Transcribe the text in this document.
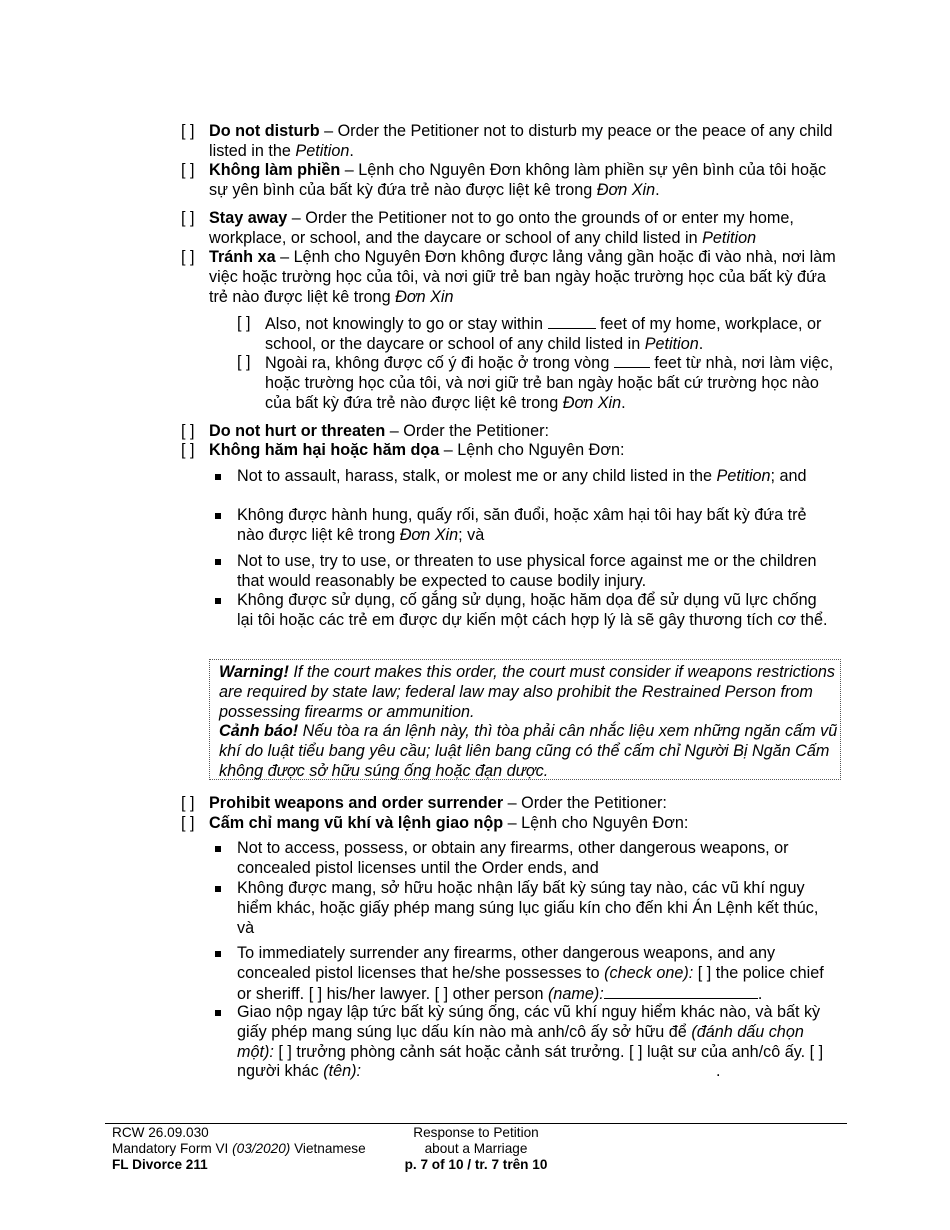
[ ] Do not disturb – Order the Petitioner not to disturb my peace or the peace of any child listed in the Petition.
[ ] Không làm phiền – Lệnh cho Nguyên Đơn không làm phiền sự yên bình của tôi hoặc sự yên bình của bất kỳ đứa trẻ nào được liệt kê trong Đơn Xin.
[ ] Stay away – Order the Petitioner not to go onto the grounds of or enter my home, workplace, or school, and the daycare or school of any child listed in Petition
[ ] Tránh xa – Lệnh cho Nguyên Đơn không được lảng vảng gần hoặc đi vào nhà, nơi làm việc hoặc trường học của tôi, và nơi giữ trẻ ban ngày hoặc trường học của bất kỳ đứa trẻ nào được liệt kê trong Đơn Xin
[ ] Also, not knowingly to go or stay within	feet of my home, workplace, or school, or the daycare or school of any child listed in Petition.
[ ] Ngoài ra, không được cố ý đi hoặc ở trong vòng  feet từ nhà, nơi làm việc, hoặc trường học của tôi, và nơi giữ trẻ ban ngày hoặc bất cứ trường học nào của bất kỳ đứa trẻ nào được liệt kê trong Đơn Xin.
[ ] Do not hurt or threaten – Order the Petitioner:
[ ] Không hăm hại hoặc hăm dọa – Lệnh cho Nguyên Đơn:
Not to assault, harass, stalk, or molest me or any child listed in the Petition; and
Không được hành hung, quấy rối, săn đuổi, hoặc xâm hại tôi hay bất kỳ đứa trẻ nào được liệt kê trong Đơn Xin; và
Not to use, try to use, or threaten to use physical force against me or the children that would reasonably be expected to cause bodily injury.
Không được sử dụng, cố gắng sử dụng, hoặc hăm dọa để sử dụng vũ lực chống lại tôi hoặc các trẻ em được dự kiến một cách hợp lý là sẽ gây thương tích cơ thể.
Warning! If the court makes this order, the court must consider if weapons restrictions are required by state law; federal law may also prohibit the Restrained Person from possessing firearms or ammunition.
Cảnh báo! Nếu tòa ra án lệnh này, thì tòa phải cân nhắc liệu xem những ngăn cấm vũ khí do luật tiểu bang yêu cầu; luật liên bang cũng có thể cấm chỉ Người Bị Ngăn Cấm không được sở hữu súng ống hoặc đạn dược.
[ ] Prohibit weapons and order surrender – Order the Petitioner:
[ ] Cấm chỉ mang vũ khí và lệnh giao nộp – Lệnh cho Nguyên Đơn:
Not to access, possess, or obtain any firearms, other dangerous weapons, or concealed pistol licenses until the Order ends, and
Không được mang, sở hữu hoặc nhận lấy bất kỳ súng tay nào, các vũ khí nguy hiểm khác, hoặc giấy phép mang súng lục giấu kín cho đến khi Án Lệnh kết thúc, và
To immediately surrender any firearms, other dangerous weapons, and any concealed pistol licenses that he/she possesses to (check one): [ ] the police chief or sheriff. [ ] his/her lawyer. [ ] other person (name):	.
Giao nộp ngay lập tức bất kỳ súng ống, các vũ khí nguy hiểm khác nào, và bất kỳ giấy phép mang súng lục dấu kín nào mà anh/cô ấy sở hữu để (đánh dấu chọn một): [ ] trưởng phòng cảnh sát hoặc cảnh sát trưởng. [ ] luật sư của anh/cô ấy. [ ] người khác (tên):	.
RCW 26.09.030
Mandatory Form VI (03/2020) Vietnamese
FL Divorce 211
Response to Petition
about a Marriage
p. 7 of 10 / tr. 7 trên 10
